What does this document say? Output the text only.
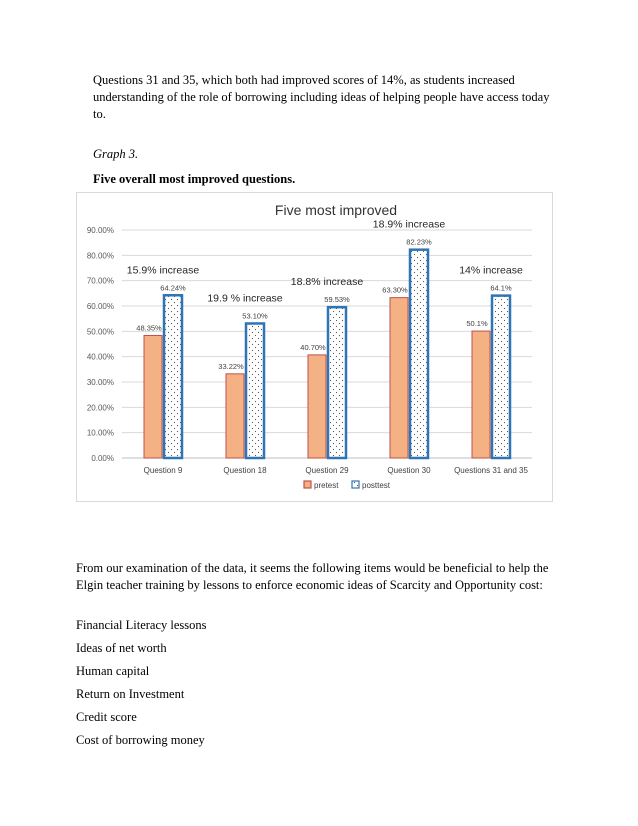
Questions 31 and 35, which both had improved scores of 14%, as students increased understanding of the role of borrowing including ideas of helping people have access today to.

Graph 3.

Five overall most improved questions.

Five most improved
0.00%
10.00%
20.00%
30.00%
40.00%
50.00%
60.00%
70.00%
80.00%
90.00%
Question 9
48.35%
64.24%
15.9% increase
Question 18
33.22%
53.10%
19.9 % increase
Question 29
40.70%
59.53%
18.8% increase
Question 30
63.30%
82.23%
18.9% increase
Questions 31 and 35
50.1%
64.1%
14% increase
pretest	posttest

From our examination of the data, it seems the following items would be beneficial to help the Elgin teacher training by lessons to enforce economic ideas of Scarcity and Opportunity cost:

Financial Literacy lessons
Ideas of net worth
Human capital
Return on Investment
Credit score
Cost of borrowing money
